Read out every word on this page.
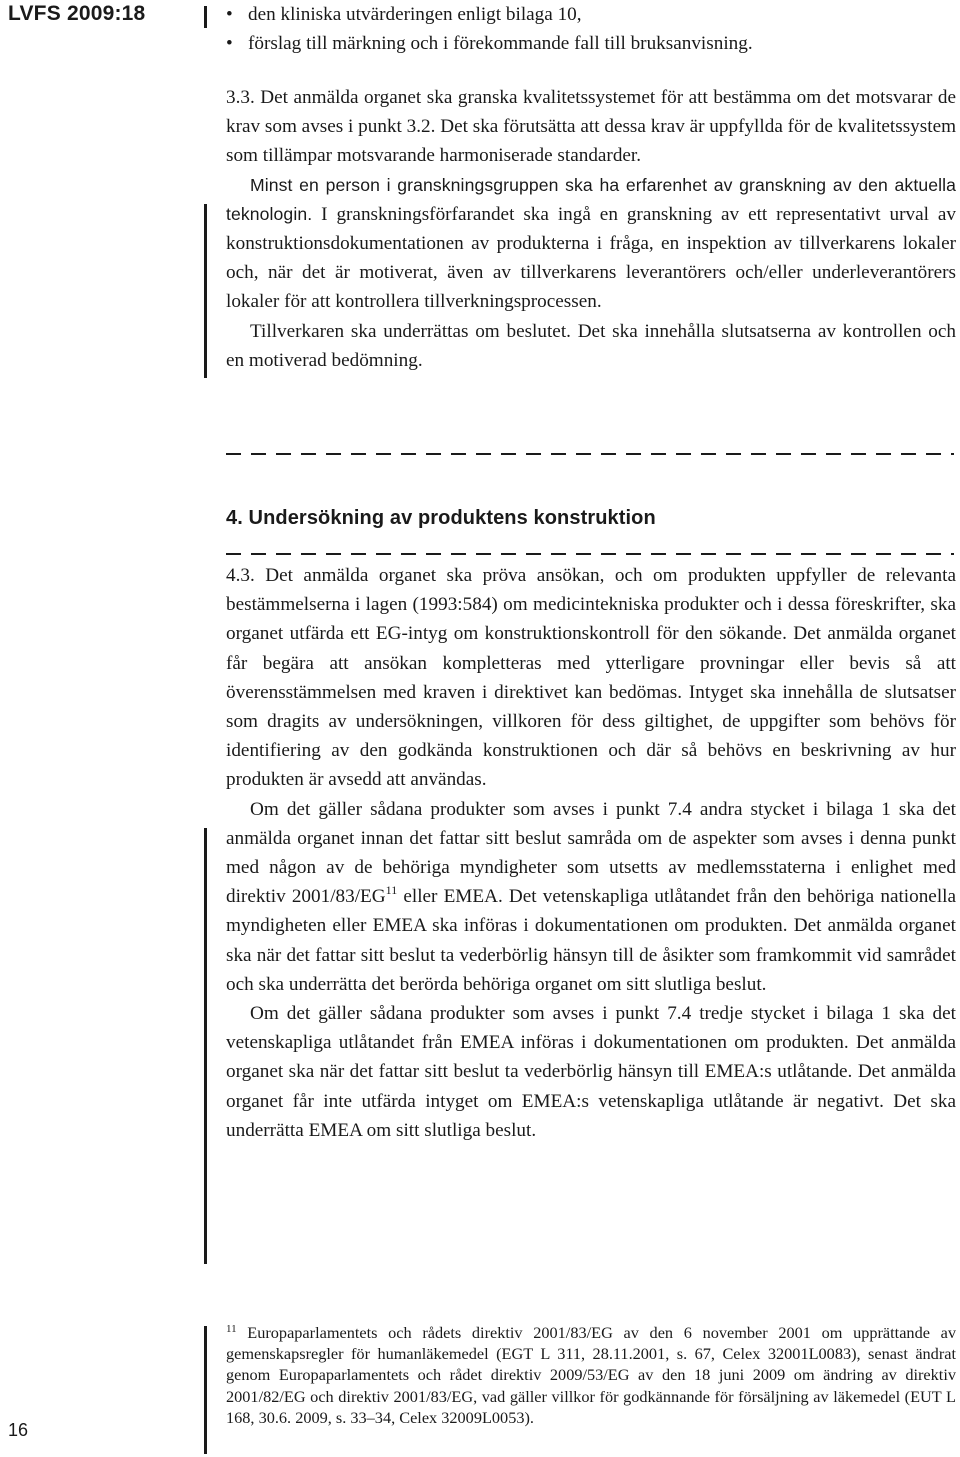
LVFS 2009:18	• den kliniska utvärderingen enligt bilaga 10,
• förslag till märkning och i förekommande fall till bruksanvisning.

3.3. Det anmälda organet ska granska kvalitetssystemet för att bestämma om det motsvarar de krav som avses i punkt 3.2. Det ska förutsätta att dessa krav är uppfyllda för de kvalitetssystem som tillämpar motsvarande harmoniserade standarder.

Minst en person i granskningsgruppen ska ha erfarenhet av granskning av den aktuella teknologin. I granskningsförfarandet ska ingå en granskning av ett representativt urval av konstruktionsdokumentationen av produkterna i fråga, en inspektion av tillverkarens lokaler och, när det är motiverat, även av tillverkarens leverantörers och/eller underleverantörers lokaler för att kontrollera tillverkningsprocessen.

Tillverkaren ska underrättas om beslutet. Det ska innehålla slutsatserna av kontrollen och en motiverad bedömning.

4. Undersökning av produktens konstruktion

4.3. Det anmälda organet ska pröva ansökan, och om produkten uppfyller de relevanta bestämmelserna i lagen (1993:584) om medicintekniska produkter och i dessa föreskrifter, ska organet utfärda ett EG-intyg om konstruktionskontroll för den sökande. Det anmälda organet får begära att ansökan kompletteras med ytterligare provningar eller bevis så att överensstämmelsen med kraven i direktivet kan bedömas. Intyget ska innehålla de slutsatser som dragits av undersökningen, villkoren för dess giltighet, de uppgifter som behövs för identifiering av den godkända konstruktionen och där så behövs en beskrivning av hur produkten är avsedd att användas.

Om det gäller sådana produkter som avses i punkt 7.4 andra stycket i bilaga 1 ska det anmälda organet innan det fattar sitt beslut samråda om de aspekter som avses i denna punkt med någon av de behöriga myndigheter som utsetts av medlemsstaterna i enlighet med direktiv 2001/83/EG$^{11}$ eller EMEA. Det vetenskapliga utlåtandet från den behöriga nationella myndigheten eller EMEA ska införas i dokumentationen om produkten. Det anmälda organet ska när det fattar sitt beslut ta vederbörlig hänsyn till de åsikter som framkommit vid samrådet och ska underrätta det berörda behöriga organet om sitt slutliga beslut.

Om det gäller sådana produkter som avses i punkt 7.4 tredje stycket i bilaga 1 ska det vetenskapliga utlåtandet från EMEA införas i dokumentationen om produkten. Det anmälda organet ska när det fattar sitt beslut ta vederbörlig hänsyn till EMEA:s utlåtande. Det anmälda organet får inte utfärda intyget om EMEA:s vetenskapliga utlåtande är negativt. Det ska underrätta EMEA om sitt slutliga beslut.

$^{11}$ Europaparlamentets och rådets direktiv 2001/83/EG av den 6 november 2001 om upprättande av gemenskapsregler för humanläkemedel (EGT L 311, 28.11.2001, s. 67, Celex 32001L0083), senast ändrat genom Europaparlamentets och rådet direktiv 2009/53/EG av den 18 juni 2009 om ändring av direktiv 2001/82/EG och direktiv 2001/83/EG, vad gäller villkor för godkännande för försäljning av läkemedel (EUT L 168, 30.6. 2009, s. 33–34, Celex 32009L0053).
16
